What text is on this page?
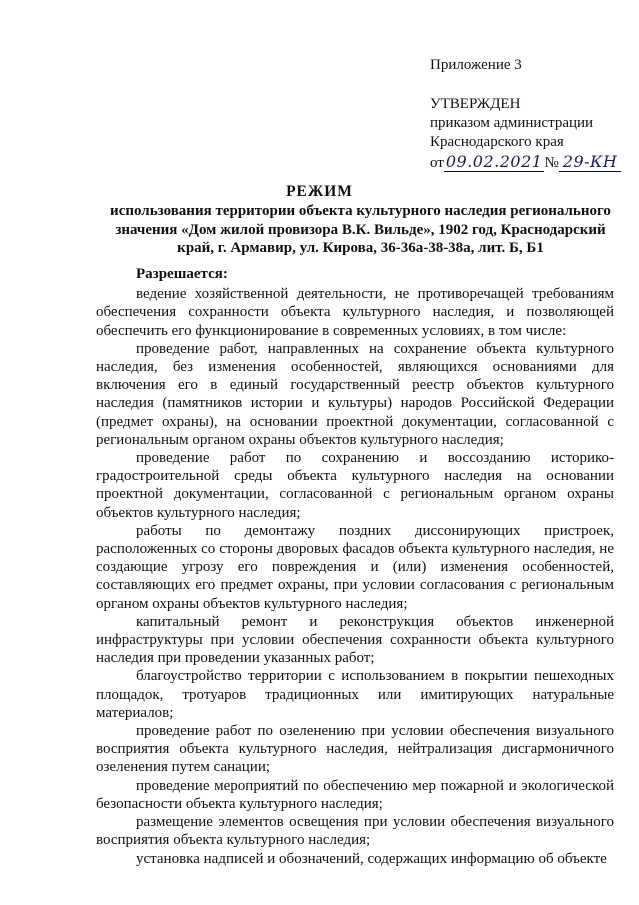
Приложение 3
УТВЕРЖДЕН
приказом администрации
Краснодарского края
от 09.02.2021 № 29-КН
РЕЖИМ
использования территории объекта культурного наследия регионального значения «Дом жилой провизора В.К. Вильде», 1902 год, Краснодарский край, г. Армавир, ул. Кирова, 36-36а-38-38а, лит. Б, Б1
Разрешается:

ведение хозяйственной деятельности, не противоречащей требованиям обеспечения сохранности объекта культурного наследия, и позволяющей обеспечить его функционирование в современных условиях, в том числе:

проведение работ, направленных на сохранение объекта культурного наследия, без изменения особенностей, являющихся основаниями для включения его в единый государственный реестр объектов культурного наследия (памятников истории и культуры) народов Российской Федерации (предмет охраны), на основании проектной документации, согласованной с региональным органом охраны объектов культурного наследия;

проведение работ по сохранению и воссозданию историко-градостроительной среды объекта культурного наследия на основании проектной документации, согласованной с региональным органом охраны объектов культурного наследия;

работы по демонтажу поздних диссонирующих пристроек, расположенных со стороны дворовых фасадов объекта культурного наследия, не создающие угрозу его повреждения и (или) изменения особенностей, составляющих его предмет охраны, при условии согласования с региональным органом охраны объектов культурного наследия;

капитальный ремонт и реконструкция объектов инженерной инфраструктуры при условии обеспечения сохранности объекта культурного наследия при проведении указанных работ;

благоустройство территории с использованием в покрытии пешеходных площадок, тротуаров традиционных или имитирующих натуральные материалов;

проведение работ по озеленению при условии обеспечения визуального восприятия объекта культурного наследия, нейтрализация дисгармоничного озеленения путем санации;

проведение мероприятий по обеспечению мер пожарной и экологической безопасности объекта культурного наследия;

размещение элементов освещения при условии обеспечения визуального восприятия объекта культурного наследия;

установка надписей и обозначений, содержащих информацию об объекте
